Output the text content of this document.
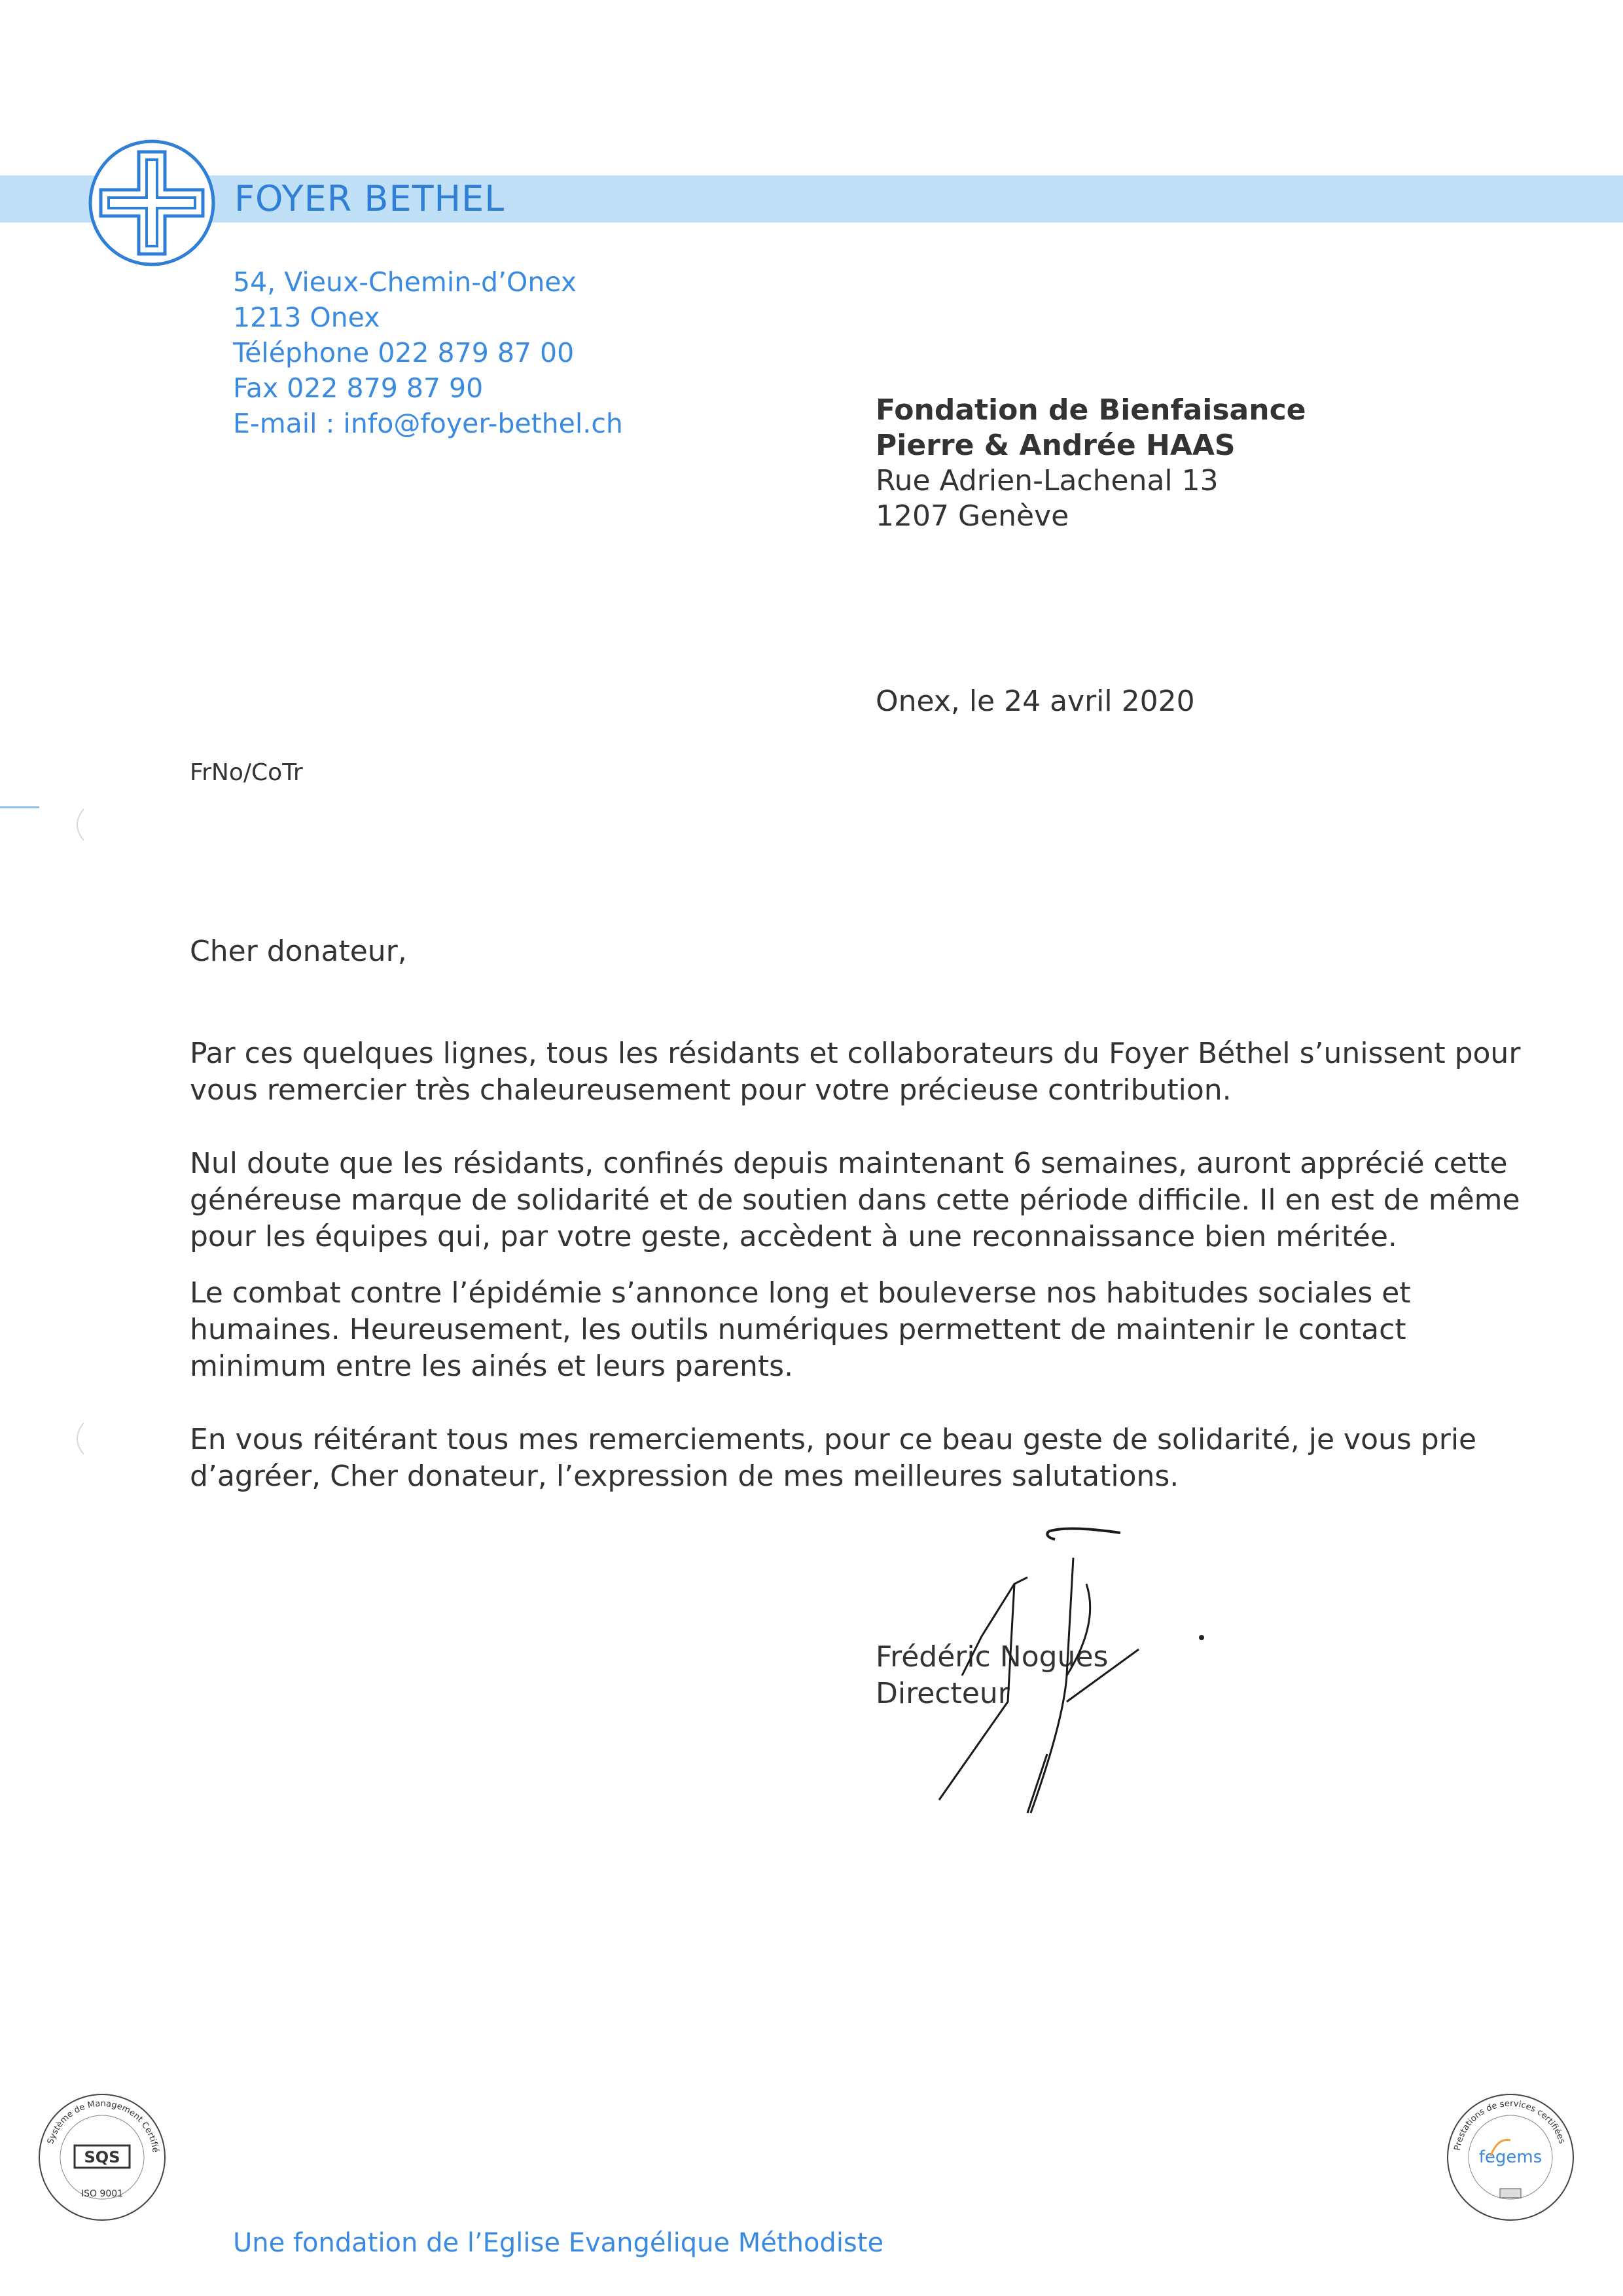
FOYER BETHEL
54, Vieux-Chemin-d’Onex
1213 Onex
Téléphone 022 879 87 00
Fax 022 879 87 90
E-mail : info@foyer-bethel.ch	Fondation de Bienfaisance
Pierre & Andrée HAAS
Rue Adrien-Lachenal 13
1207 Genève
Onex, le 24 avril 2020
FrNo/CoTr
Cher donateur,

Par ces quelques lignes, tous les résidants et collaborateurs du Foyer Béthel s’unissent pour

vous remercier très chaleureusement pour votre précieuse contribution.

Nul doute que les résidants, confinés depuis maintenant 6 semaines, auront apprécié cette

généreuse marque de solidarité et de soutien dans cette période difficile. Il en est de même

pour les équipes qui, par votre geste, accèdent à une reconnaissance bien méritée.

Le combat contre l’épidémie s’annonce long et bouleverse nos habitudes sociales et

humaines. Heureusement, les outils numériques permettent de maintenir le contact

minimum entre les ainés et leurs parents.

En vous réitérant tous mes remerciements, pour ce beau geste de solidarité, je vous prie

d’agréer, Cher donateur, l’expression de mes meilleures salutations.

Frédéric Nogues
Directeur
Système de Management Certifié
SQS
ISO 9001
Prestations de services certifiées
fegems
Une fondation de l’Eglise Evangélique Méthodiste
